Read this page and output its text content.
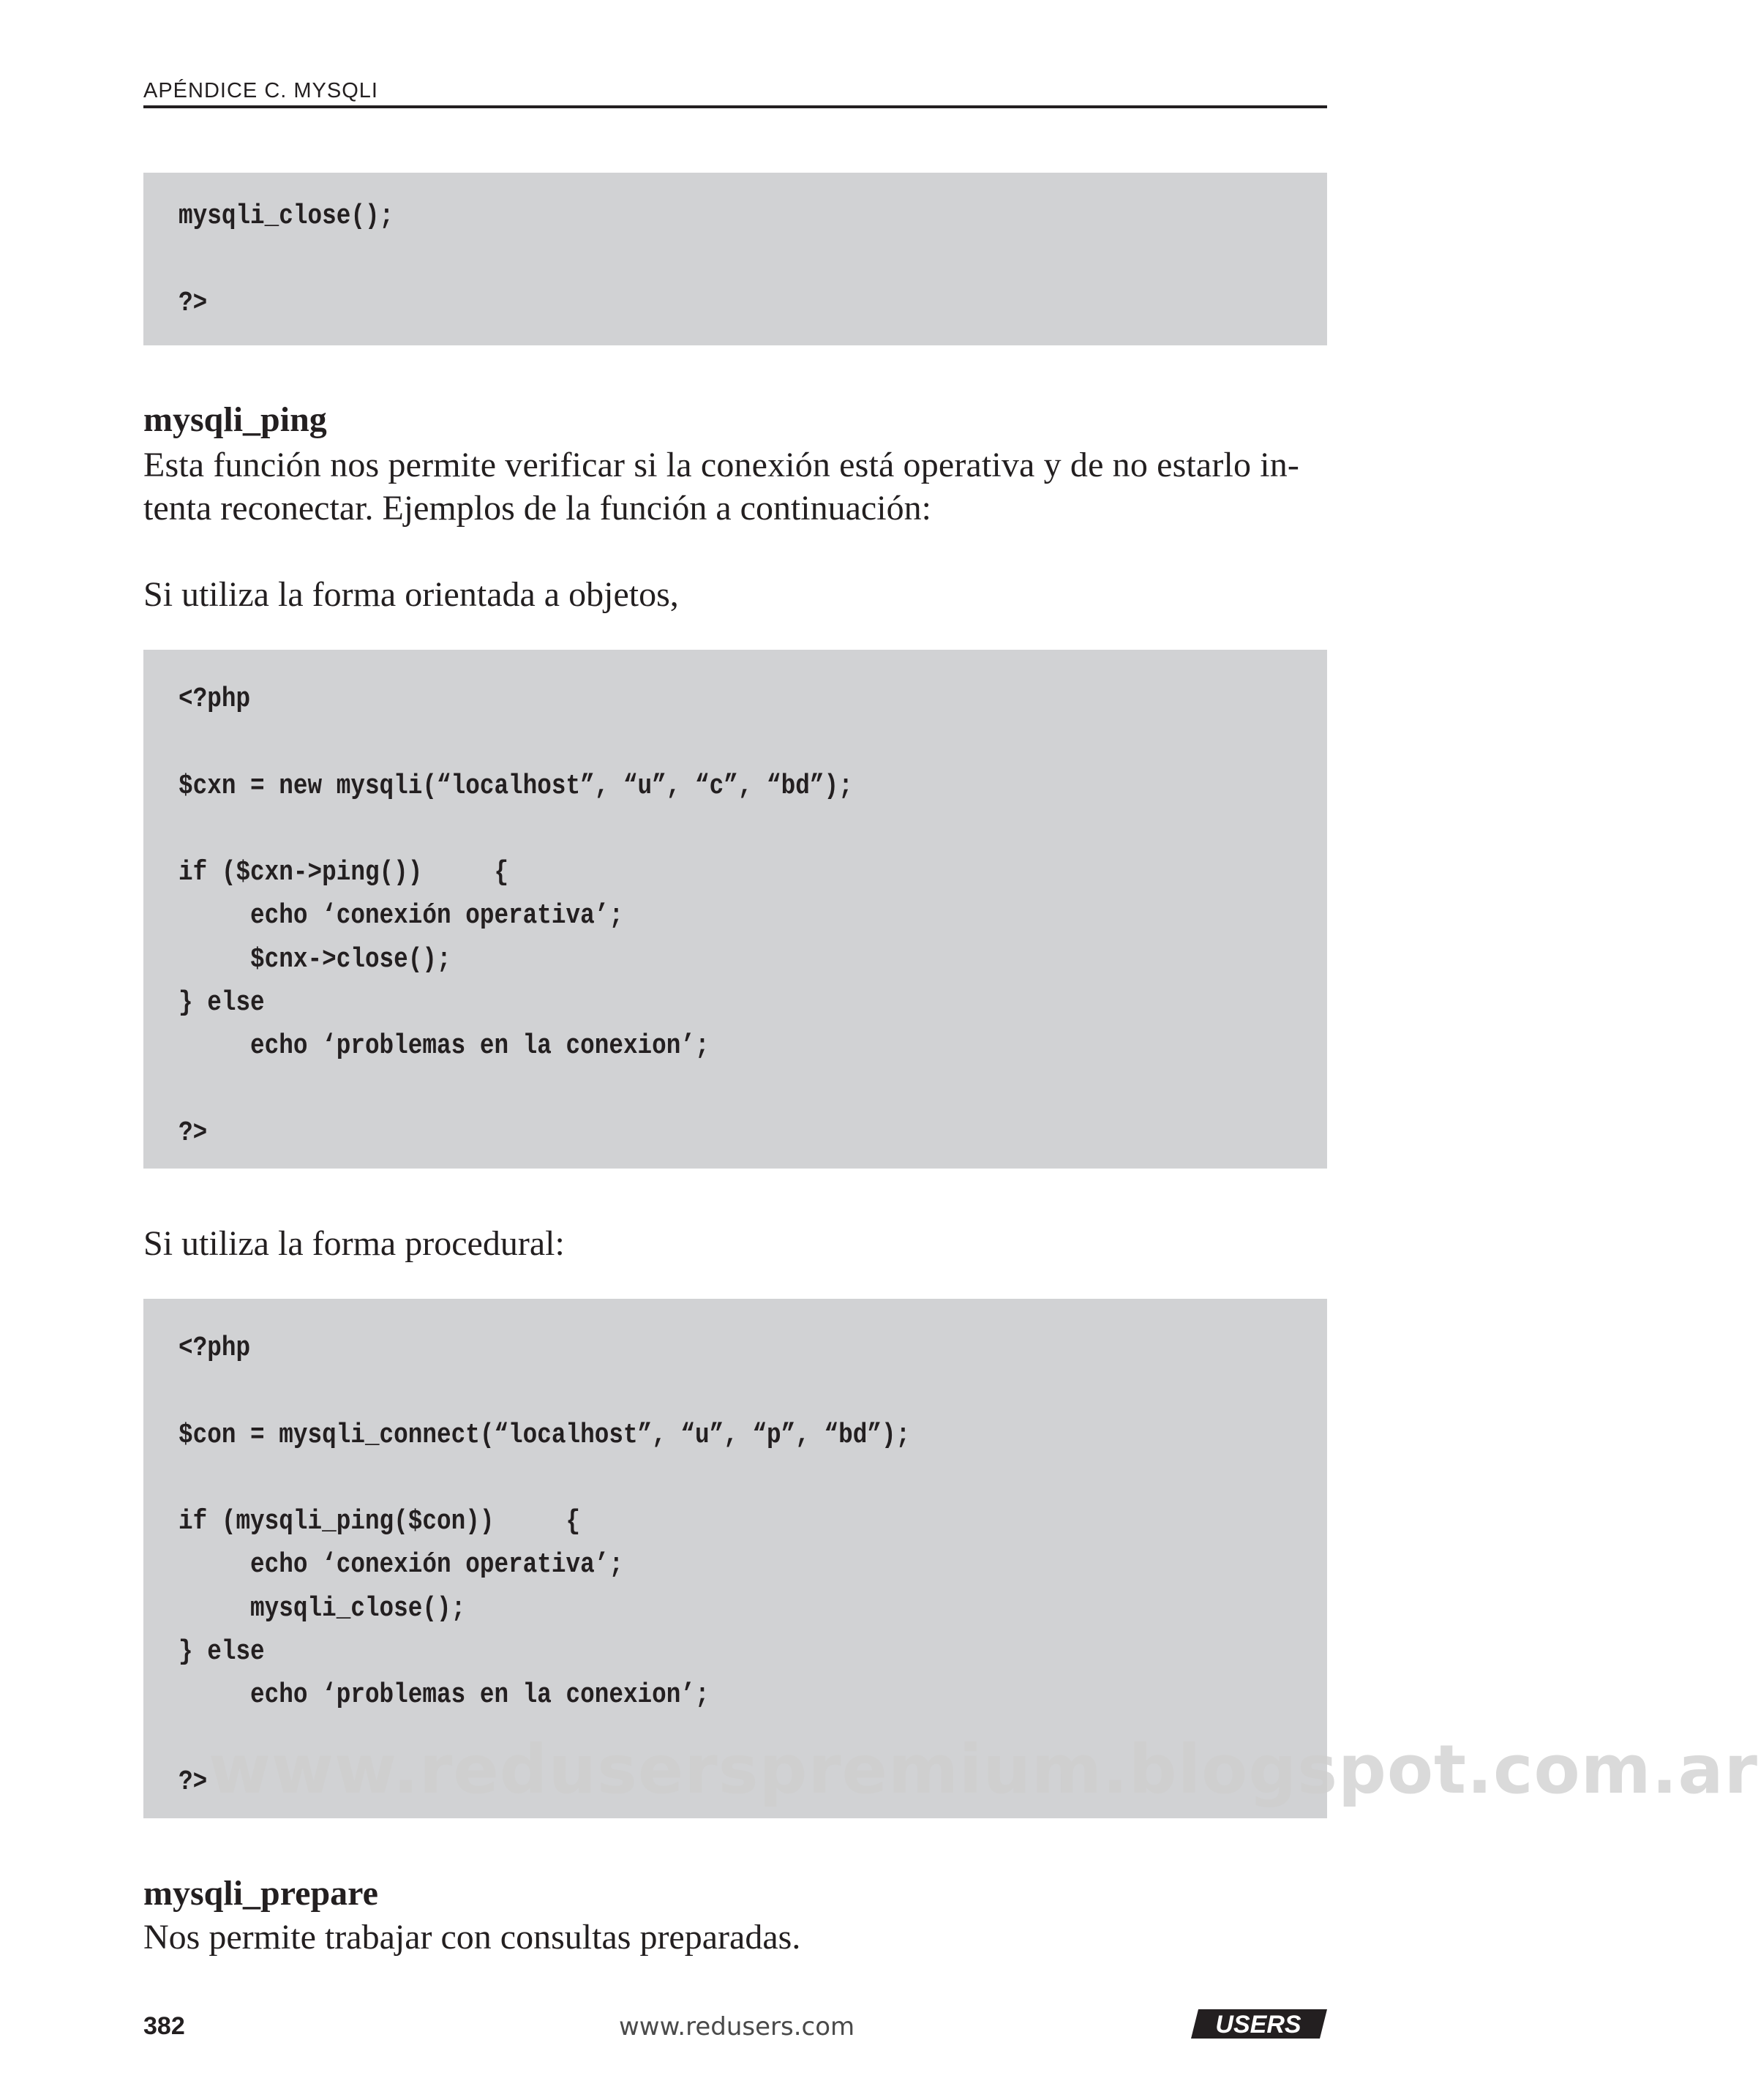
APÉNDICE C. MYSQLI
mysqli_close();
?>
mysqli_ping
Esta función nos permite verificar si la conexión está operativa y de no estarlo in-
tenta reconectar. Ejemplos de la función a continuación:
Si utiliza la forma orientada a objetos,
<?php
$cxn = new mysqli(“localhost”, “u”, “c”, “bd”);
if ($cxn->ping())     {
echo ‘conexión operativa’;
$cnx->close();
} else
echo ‘problemas en la conexion’;
?>
Si utiliza la forma procedural:
<?php
$con = mysqli_connect(“localhost”, “u”, “p”, “bd”);
if (mysqli_ping($con))     {
echo ‘conexión operativa’;
mysqli_close();
} else
echo ‘problemas en la conexion’;
?> www.reduserspremium.blogspot.com.ar
mysqli_prepare
Nos permite trabajar con consultas preparadas.
382	www.redusers.com	USERS
